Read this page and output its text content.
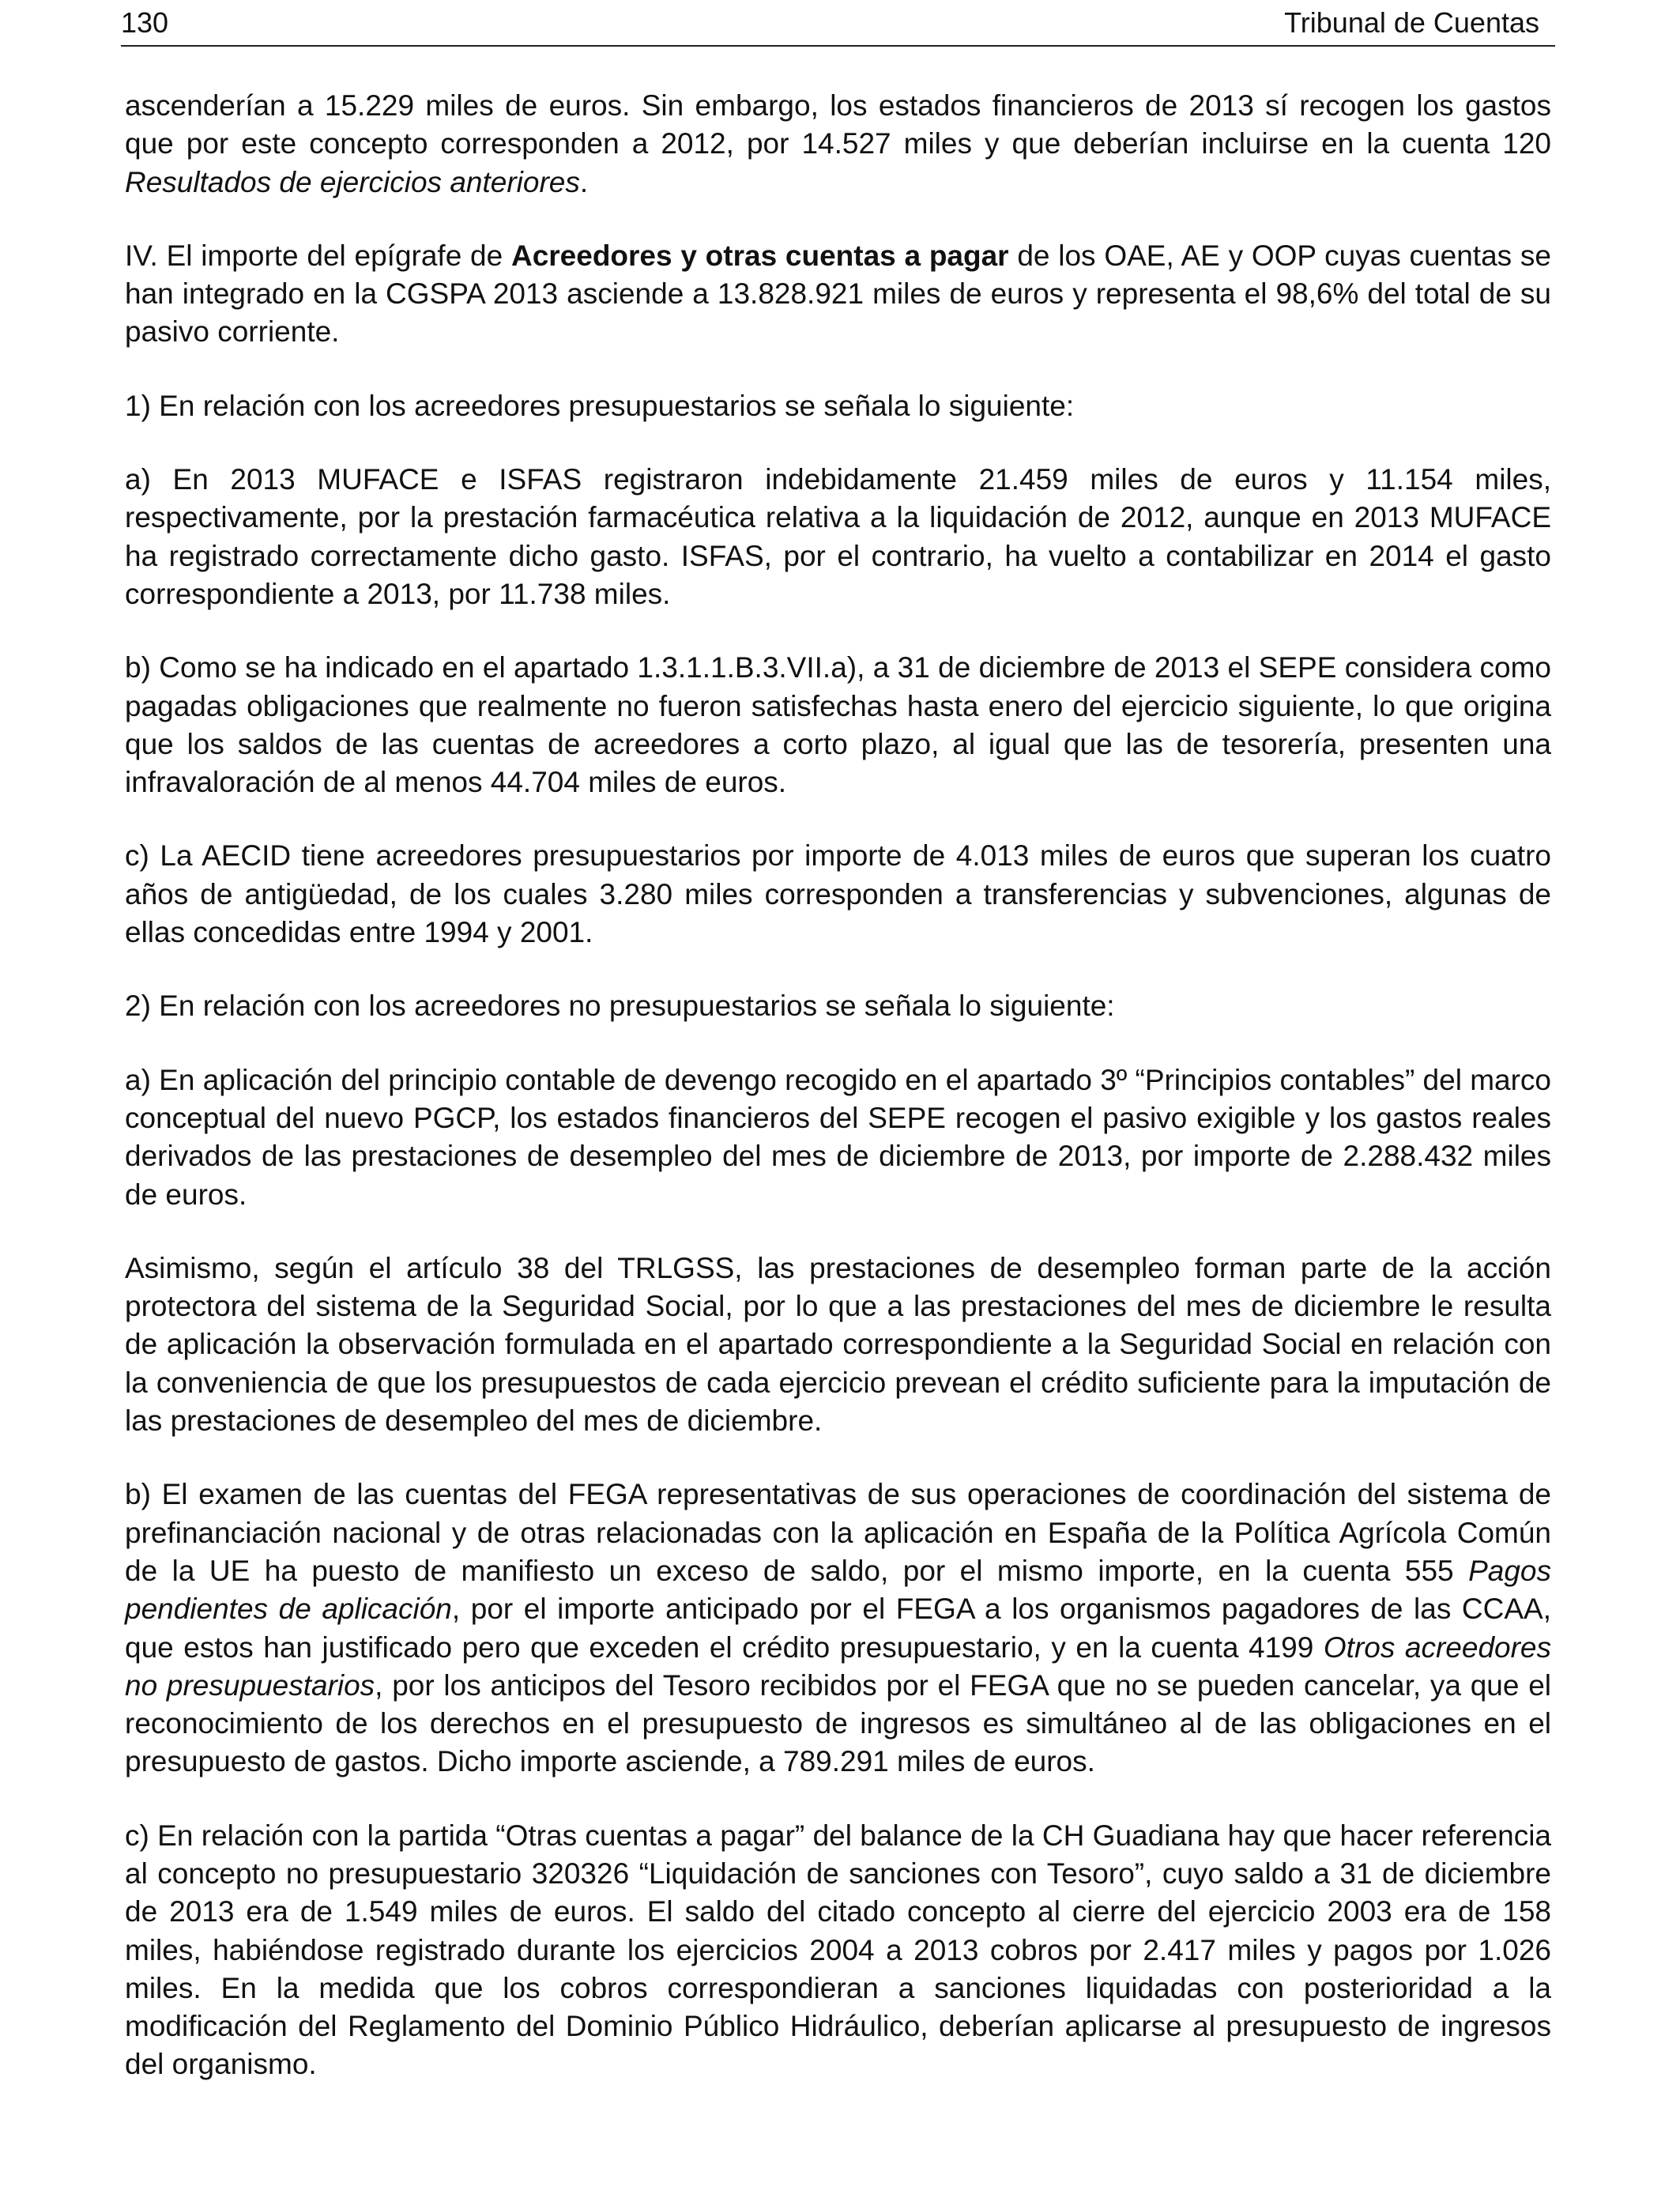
130	Tribunal de Cuentas

ascenderían a 15.229 miles de euros. Sin embargo, los estados financieros de 2013 sí recogen los gastos que por este concepto corresponden a 2012, por 14.527 miles y que deberían incluirse en la cuenta 120 Resultados de ejercicios anteriores.

IV. El importe del epígrafe de Acreedores y otras cuentas a pagar de los OAE, AE y OOP cuyas cuentas se han integrado en la CGSPA 2013 asciende a 13.828.921 miles de euros y representa el 98,6% del total de su pasivo corriente.

1) En relación con los acreedores presupuestarios se señala lo siguiente:

a) En 2013 MUFACE e ISFAS registraron indebidamente 21.459 miles de euros y 11.154 miles, respectivamente, por la prestación farmacéutica relativa a la liquidación de 2012, aunque en 2013 MUFACE ha registrado correctamente dicho gasto. ISFAS, por el contrario, ha vuelto a contabilizar en 2014 el gasto correspondiente a 2013, por 11.738 miles.

b) Como se ha indicado en el apartado 1.3.1.1.B.3.VII.a), a 31 de diciembre de 2013 el SEPE considera como pagadas obligaciones que realmente no fueron satisfechas hasta enero del ejercicio siguiente, lo que origina que los saldos de las cuentas de acreedores a corto plazo, al igual que las de tesorería, presenten una infravaloración de al menos 44.704 miles de euros.

c) La AECID tiene acreedores presupuestarios por importe de 4.013 miles de euros que superan los cuatro años de antigüedad, de los cuales 3.280 miles corresponden a transferencias y subvenciones, algunas de ellas concedidas entre 1994 y 2001.

2) En relación con los acreedores no presupuestarios se señala lo siguiente:

a) En aplicación del principio contable de devengo recogido en el apartado 3º “Principios contables” del marco conceptual del nuevo PGCP, los estados financieros del SEPE recogen el pasivo exigible y los gastos reales derivados de las prestaciones de desempleo del mes de diciembre de 2013, por importe de 2.288.432 miles de euros.

Asimismo, según el artículo 38 del TRLGSS, las prestaciones de desempleo forman parte de la acción protectora del sistema de la Seguridad Social, por lo que a las prestaciones del mes de diciembre le resulta de aplicación la observación formulada en el apartado correspondiente a la Seguridad Social en relación con la conveniencia de que los presupuestos de cada ejercicio prevean el crédito suficiente para la imputación de las prestaciones de desempleo del mes de diciembre.

b) El examen de las cuentas del FEGA representativas de sus operaciones de coordinación del sistema de prefinanciación nacional y de otras relacionadas con la aplicación en España de la Política Agrícola Común de la UE ha puesto de manifiesto un exceso de saldo, por el mismo importe, en la cuenta 555 Pagos pendientes de aplicación, por el importe anticipado por el FEGA a los organismos pagadores de las CCAA, que estos han justificado pero que exceden el crédito presupuestario, y en la cuenta 4199 Otros acreedores no presupuestarios, por los anticipos del Tesoro recibidos por el FEGA que no se pueden cancelar, ya que el reconocimiento de los derechos en el presupuesto de ingresos es simultáneo al de las obligaciones en el presupuesto de gastos. Dicho importe asciende, a 789.291 miles de euros.

c) En relación con la partida “Otras cuentas a pagar” del balance de la CH Guadiana hay que hacer referencia al concepto no presupuestario 320326 “Liquidación de sanciones con Tesoro”, cuyo saldo a 31 de diciembre de 2013 era de 1.549 miles de euros. El saldo del citado concepto al cierre del ejercicio 2003 era de 158 miles, habiéndose registrado durante los ejercicios 2004 a 2013 cobros por 2.417 miles y pagos por 1.026 miles. En la medida que los cobros correspondieran a sanciones liquidadas con posterioridad a la modificación del Reglamento del Dominio Público Hidráulico, deberían aplicarse al presupuesto de ingresos del organismo.
